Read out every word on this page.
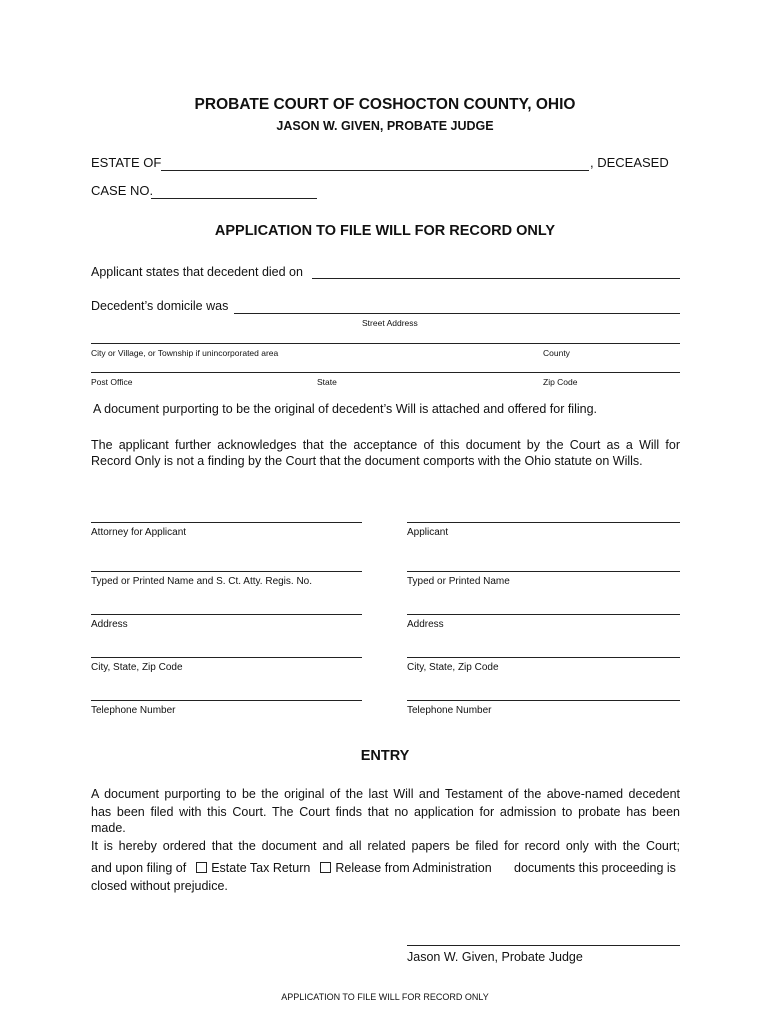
PROBATE COURT OF COSHOCTON COUNTY, OHIO
JASON W. GIVEN, PROBATE JUDGE
ESTATE OF	, DECEASED
CASE NO.
APPLICATION TO FILE WILL FOR RECORD ONLY
Applicant states that decedent died on
Decedent’s domicile was
Street Address
City or Village, or Township if unincorporated area	County
Post Office	State	Zip Code
A document purporting to be the original of decedent’s Will is attached and offered for filing.
The applicant further acknowledges that the acceptance of this document by the Court as a Will for
Record Only is not a finding by the Court that the document comports with the Ohio statute on Wills.
Attorney for Applicant
Typed or Printed Name and S. Ct. Atty. Regis. No.
Address
City, State, Zip Code
Telephone Number
Applicant
Typed or Printed Name
Address
City, State, Zip Code
Telephone Number
ENTRY
A document purporting to be the original of the last Will and Testament of the above-named decedent
has been filed with this Court. The Court finds that no application for admission to probate has been
made.
It is hereby ordered that the document and all related papers be filed for record only with the Court;
and upon filing of Estate Tax Return Release from Administration documents this proceeding is
closed without prejudice.
Jason W. Given, Probate Judge
APPLICATION TO FILE WILL FOR RECORD ONLY
